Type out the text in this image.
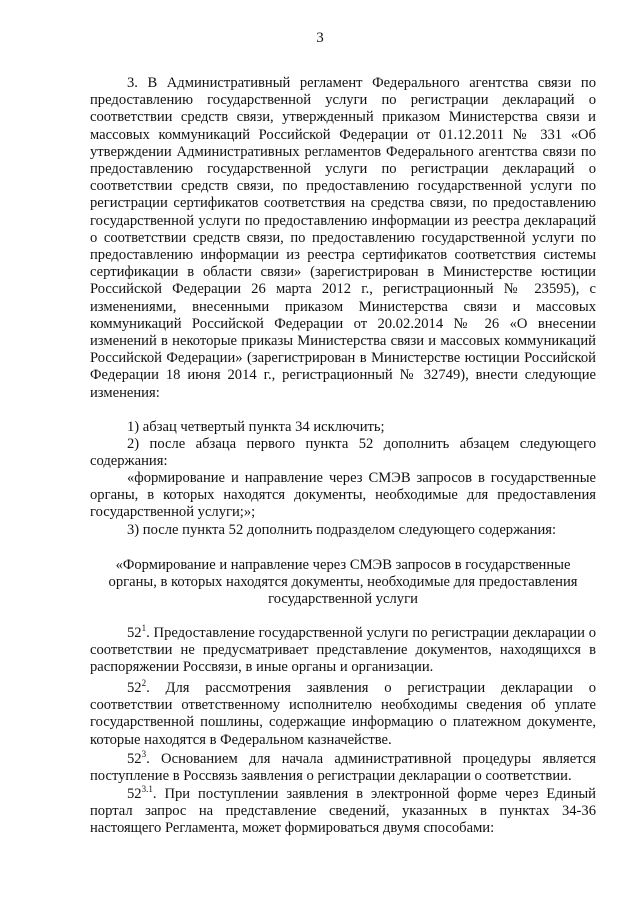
3

3. В Административный регламент Федерального агентства связи по предоставлению государственной услуги по регистрации деклараций о соответствии средств связи, утвержденный приказом Министерства связи и массовых коммуникаций Российской Федерации от 01.12.2011 № 331 «Об утверждении Административных регламентов Федерального агентства связи по предоставлению государственной услуги по регистрации деклараций о соответствии средств связи, по предоставлению государственной услуги по регистрации сертификатов соответствия на средства связи, по предоставлению государственной услуги по предоставлению информации из реестра деклараций о соответствии средств связи, по предоставлению государственной услуги по предоставлению информации из реестра сертификатов соответствия системы сертификации в области связи» (зарегистрирован в Министерстве юстиции Российской Федерации 26 марта 2012 г., регистрационный № 23595), с изменениями, внесенными приказом Министерства связи и массовых коммуникаций Российской Федерации от 20.02.2014 № 26 «О внесении изменений в некоторые приказы Министерства связи и массовых коммуникаций Российской Федерации» (зарегистрирован в Министерстве юстиции Российской Федерации 18 июня 2014 г., регистрационный № 32749), внести следующие изменения:

1) абзац четвертый пункта 34 исключить;

2) после абзаца первого пункта 52 дополнить абзацем следующего содержания:

«формирование и направление через СМЭВ запросов в государственные органы, в которых находятся документы, необходимые для предоставления государственной услуги;»;

3) после пункта 52 дополнить подразделом следующего содержания:

«Формирование и направление через СМЭВ запросов в государственные органы, в которых находятся документы, необходимые для предоставления государственной услуги

$52^1$. Предоставление государственной услуги по регистрации декларации о соответствии не предусматривает представление документов, находящихся в распоряжении Россвязи, в иные органы и организации.

$52^2$. Для рассмотрения заявления о регистрации декларации о соответствии ответственному исполнителю необходимы сведения об уплате государственной пошлины, содержащие информацию о платежном документе, которые находятся в Федеральном казначействе.

$52^3$. Основанием для начала административной процедуры является поступление в Россвязь заявления о регистрации декларации о соответствии.

$52^{3.1}$. При поступлении заявления в электронной форме через Единый портал запрос на представление сведений, указанных в пунктах 34-36 настоящего Регламента, может формироваться двумя способами:
